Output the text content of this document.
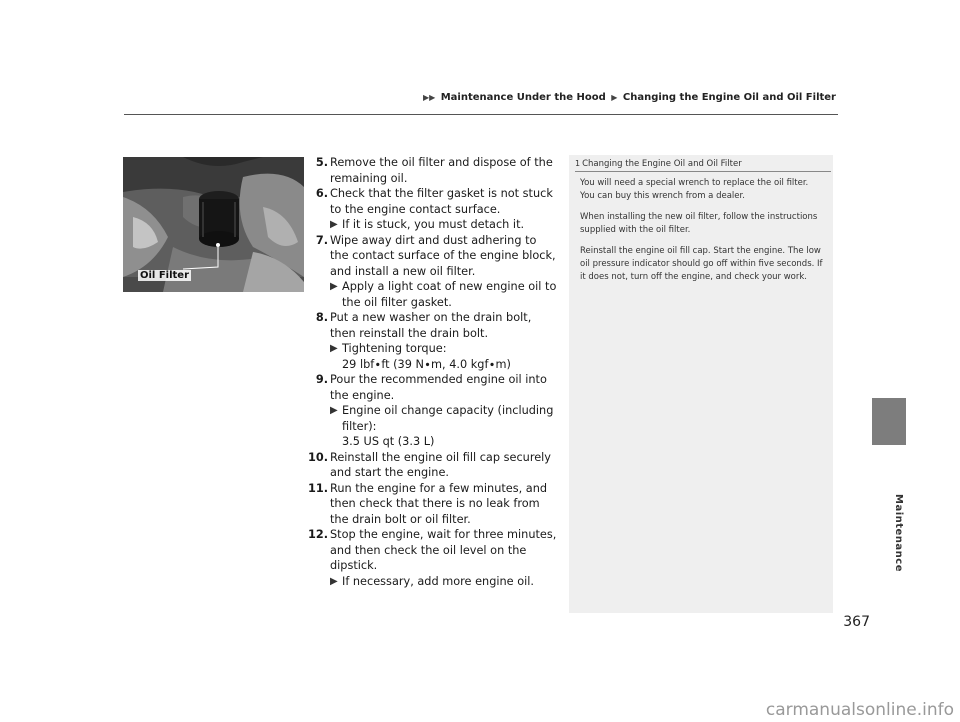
▶▶ Maintenance Under the Hood ▶ Changing the Engine Oil and Oil Filter
Oil Filter
5. Remove the oil filter and dispose of the remaining oil.
6. Check that the filter gasket is not stuck to the engine contact surface.
▶ If it is stuck, you must detach it.
7. Wipe away dirt and dust adhering to the contact surface of the engine block, and install a new oil filter.
▶ Apply a light coat of new engine oil to the oil filter gasket.
8. Put a new washer on the drain bolt, then reinstall the drain bolt.
▶ Tightening torque:
29 lbf∙ft (39 N∙m, 4.0 kgf∙m)
9. Pour the recommended engine oil into the engine.
▶ Engine oil change capacity (including filter):
3.5 US qt (3.3 L)
10. Reinstall the engine oil fill cap securely and start the engine.
11. Run the engine for a few minutes, and then check that there is no leak from the drain bolt or oil filter.
12. Stop the engine, wait for three minutes, and then check the oil level on the dipstick.
▶ If necessary, add more engine oil.
1 Changing the Engine Oil and Oil Filter

You will need a special wrench to replace the oil filter. You can buy this wrench from a dealer.

When installing the new oil filter, follow the instructions supplied with the oil filter.

Reinstall the engine oil fill cap. Start the engine. The low oil pressure indicator should go off within five seconds. If it does not, turn off the engine, and check your work.

Maintenance
367
carmanualsonline.info
